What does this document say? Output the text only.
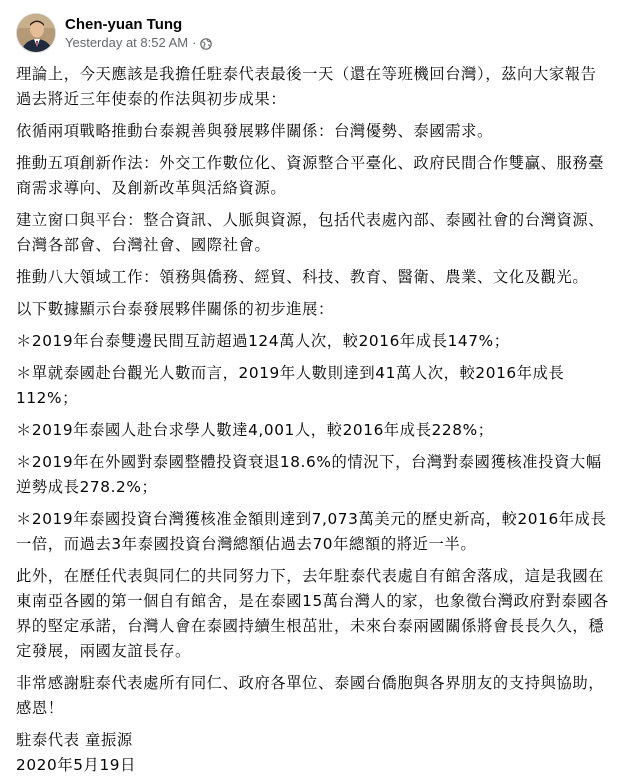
Chen-yuan Tung
Yesterday at 8:52 AM ·

理論上，今天應該是我擔任駐泰代表最後一天（還在等班機回台灣），茲向大家報告過去將近三年使泰的作法與初步成果：

依循兩項戰略推動台泰親善與發展夥伴關係：台灣優勢、泰國需求。

推動五項創新作法：外交工作數位化、資源整合平臺化、政府民間合作雙贏、服務臺商需求導向、及創新改革與活絡資源。

建立窗口與平台：整合資訊、人脈與資源，包括代表處內部、泰國社會的台灣資源、台灣各部會、台灣社會、國際社會。

推動八大領域工作：領務與僑務、經貿、科技、教育、醫衛、農業、文化及觀光。

以下數據顯示台泰發展夥伴關係的初步進展：

＊2019年台泰雙邊民間互訪超過124萬人次，較2016年成長147%；

＊單就泰國赴台觀光人數而言，2019年人數則達到41萬人次，較2016年成長112%；

＊2019年泰國人赴台求學人數達4,001人，較2016年成長228%；

＊2019年在外國對泰國整體投資衰退18.6%的情況下，台灣對泰國獲核准投資大幅逆勢成長278.2%；

＊2019年泰國投資台灣獲核准金額則達到7,073萬美元的歷史新高，較2016年成長一倍，而過去3年泰國投資台灣總額佔過去70年總額的將近一半。

此外，在歷任代表與同仁的共同努力下，去年駐泰代表處自有館舍落成，這是我國在東南亞各國的第一個自有館舍，是在泰國15萬台灣人的家，也象徵台灣政府對泰國各界的堅定承諾，台灣人會在泰國持續生根茁壯，未來台泰兩國關係將會長長久久，穩定發展，兩國友誼長存。

非常感謝駐泰代表處所有同仁、政府各單位、泰國台僑胞與各界朋友的支持與協助，感恩！

駐泰代表 童振源

2020年5月19日
